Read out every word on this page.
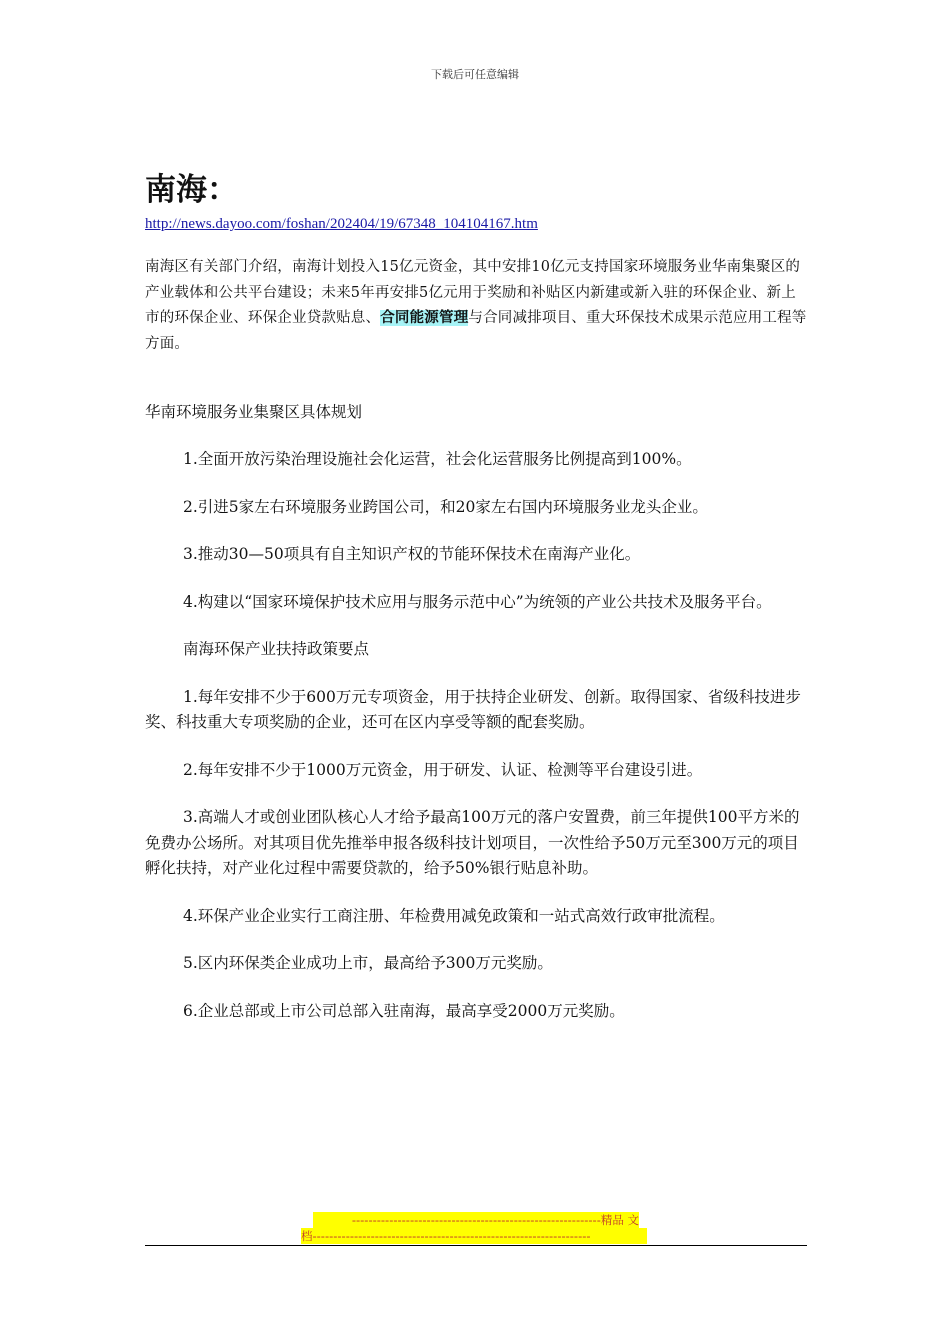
下载后可任意编辑
南海：
http://news.dayoo.com/foshan/202404/19/67348_104104167.htm
南海区有关部门介绍，南海计划投入15亿元资金，其中安排10亿元支持国家环境服务业华南集聚区的产业载体和公共平台建设；未来5年再安排5亿元用于奖励和补贴区内新建或新入驻的环保企业、新上市的环保企业、环保企业贷款贴息、合同能源管理与合同减排项目、重大环保技术成果示范应用工程等方面。
华南环境服务业集聚区具体规划
1.全面开放污染治理设施社会化运营，社会化运营服务比例提高到100%。
2.引进5家左右环境服务业跨国公司，和20家左右国内环境服务业龙头企业。
3.推动30—50项具有自主知识产权的节能环保技术在南海产业化。
4.构建以“国家环境保护技术应用与服务示范中心”为统领的产业公共技术及服务平台。
南海环保产业扶持政策要点
1.每年安排不少于600万元专项资金，用于扶持企业研发、创新。取得国家、省级科技进步奖、科技重大专项奖励的企业，还可在区内享受等额的配套奖励。
2.每年安排不少于1000万元资金，用于研发、认证、检测等平台建设引进。
3.高端人才或创业团队核心人才给予最高100万元的落户安置费，前三年提供100平方米的免费办公场所。对其项目优先推举申报各级科技计划项目，一次性给予50万元至300万元的项目孵化扶持，对产业化过程中需要贷款的，给予50%银行贴息补助。
4.环保产业企业实行工商注册、年检费用减免政策和一站式高效行政审批流程。
5.区内环保类企业成功上市，最高给予300万元奖励。
6.企业总部或上市公司总部入驻南海，最高享受2000万元奖励。
------------------------------------------------------------精品 文
档-------------------------------------------------------------------
